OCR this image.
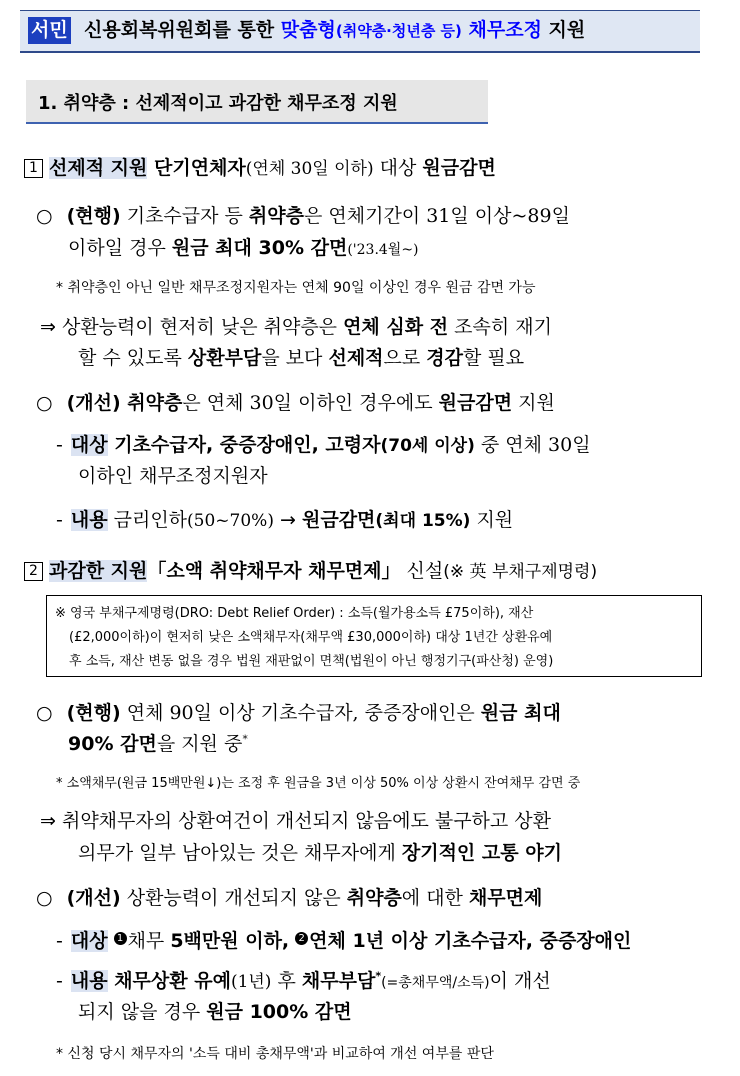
서민 신용회복위원회를 통한 맞춤형(취약층·청년층 등) 채무조정 지원
1. 취약층 : 선제적이고 과감한 채무조정 지원
1 선제적 지원 단기연체자(연체 30일 이하) 대상 원금감면
○ (현행) 기초수급자 등 취약층은 연체기간이 31일 이상~89일
이하일 경우 원금 최대 30% 감면('23.4월~)
* 취약층인 아닌 일반 채무조정지원자는 연체 90일 이상인 경우 원금 감면 가능
⇒ 상환능력이 현저히 낮은 취약층은 연체 심화 전 조속히 재기
할 수 있도록 상환부담을 보다 선제적으로 경감할 필요
○ (개선) 취약층은 연체 30일 이하인 경우에도 원금감면 지원
- 대상 기초수급자, 중증장애인, 고령자(70세 이상) 중 연체 30일
이하인 채무조정지원자
- 내용 금리인하(50~70%) → 원금감면(최대 15%) 지원
2 과감한 지원「소액 취약채무자 채무면제」 신설(※ 英 부채구제명령)
※ 영국 부채구제명령(DRO: Debt Relief Order) : 소득(월가용소득 £75이하), 재산
(£2,000이하)이 현저히 낮은 소액채무자(채무액 £30,000이하) 대상 1년간 상환유예
후 소득, 재산 변동 없을 경우 법원 재판없이 면책(법원이 아닌 행정기구(파산청) 운영)
○ (현행) 연체 90일 이상 기초수급자, 중증장애인은 원금 최대
90% 감면을 지원 중*
* 소액채무(원금 15백만원↓)는 조정 후 원금을 3년 이상 50% 이상 상환시 잔여채무 감면 중
⇒ 취약채무자의 상환여건이 개선되지 않음에도 불구하고 상환
의무가 일부 남아있는 것은 채무자에게 장기적인 고통 야기
○ (개선) 상환능력이 개선되지 않은 취약층에 대한 채무면제
- 대상 1 채무 5백만원 이하, 2 연체 1년 이상 기초수급자, 중증장애인
- 내용 채무상환 유예(1년) 후 채무부담*(=총채무액/소득)이 개선
되지 않을 경우 원금 100% 감면
* 신청 당시 채무자의 '소득 대비 총채무액'과 비교하여 개선 여부를 판단
